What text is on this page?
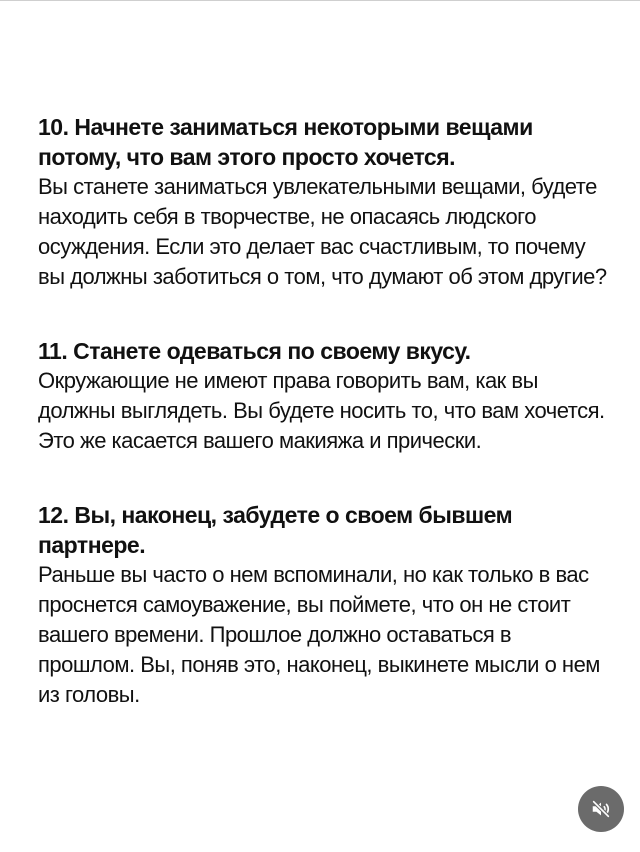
10. Начнете заниматься некоторыми вещами потому, что вам этого просто хочется.
Вы станете заниматься увлекательными вещами, будете находить себя в творчестве, не опасаясь людского осуждения. Если это делает вас счастливым, то почему вы должны заботиться о том, что думают об этом другие?
11. Станете одеваться по своему вкусу.
Окружающие не имеют права говорить вам, как вы должны выглядеть. Вы будете носить то, что вам хочется. Это же касается вашего макияжа и прически.
12. Вы, наконец, забудете о своем бывшем партнере.
Раньше вы часто о нем вспоминали, но как только в вас проснется самоуважение, вы поймете, что он не стоит вашего времени. Прошлое должно оставаться в прошлом. Вы, поняв это, наконец, выкинете мысли о нем из головы.
